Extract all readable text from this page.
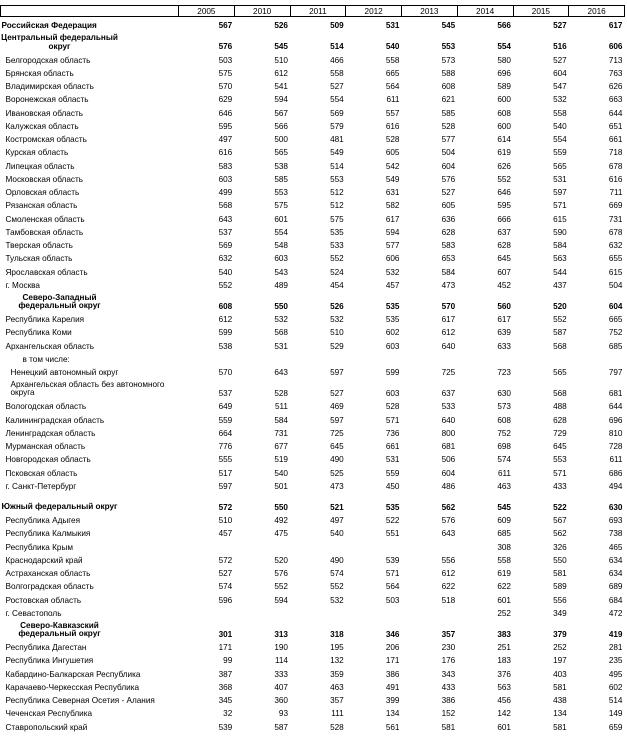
	2005	2010	2011	2012	2013	2014	2015	2016
Российская Федерация	567	526	509	531	545	566	527	617
Центральный федеральный округ	576	545	514	540	553	554	516	606
Белгородская область	503	510	466	558	573	580	527	713
Брянская область	575	612	558	665	588	696	604	763
Владимирская область	570	541	527	564	608	589	547	626
Воронежская область	629	594	554	611	621	600	532	663
Ивановская область	646	567	569	557	585	608	558	644
Калужская область	595	566	579	616	528	600	540	651
Костромская область	497	500	481	528	577	614	554	661
Курская область	616	565	549	605	504	619	559	718
Липецкая область	583	538	514	542	604	626	565	678
Московская область	603	585	553	549	576	552	531	616
Орловская область	499	553	512	631	527	646	597	711
Рязанская область	568	575	512	582	605	595	571	669
Смоленская область	643	601	575	617	636	666	615	731
Тамбовская область	537	554	535	594	628	637	590	678
Тверская область	569	548	533	577	583	628	584	632
Тульская область	632	603	552	606	653	645	563	655
Ярославская область	540	543	524	532	584	607	544	615
г. Москва	552	489	454	457	473	452	437	504
Северо-Западный федеральный округ	608	550	526	535	570	560	520	604
Республика Карелия	612	532	532	535	617	617	552	665
Республика Коми	599	568	510	602	612	639	587	752
Архангельская область	538	531	529	603	640	633	568	685
в том числе:								
Ненецкий автономный округ	570	643	597	599	725	723	565	797
Архангельская область без автономного округа	537	528	527	603	637	630	568	681
Вологодская область	649	511	469	528	533	573	488	644
Калининградская область	559	584	597	571	640	608	628	696
Ленинградская область	664	731	725	736	800	752	729	810
Мурманская область	776	677	645	661	681	698	645	728
Новгородская область	555	519	490	531	506	574	553	611
Псковская область	517	540	525	559	604	611	571	686
г. Санкт-Петербург	597	501	473	450	486	463	433	494
Южный федеральный округ	572	550	521	535	562	545	522	630
Республика Адыгея	510	492	497	522	576	609	567	693
Республика Калмыкия	457	475	540	551	643	685	562	738
Республика Крым						308	326	465
Краснодарский край	572	520	490	539	556	558	550	634
Астраханская область	527	576	574	571	612	619	581	634
Волгоградская область	574	552	552	564	622	622	589	689
Ростовская область	596	594	532	503	518	601	556	684
г. Севастополь						252	349	472
Северо-Кавказский федеральный округ	301	313	318	346	357	383	379	419
Республика Дагестан	171	190	195	206	230	251	252	281
Республика Ингушетия	99	114	132	171	176	183	197	235
Кабардино-Балкарская Республика	387	333	359	386	343	376	403	495
Карачаево-Черкесская Республика	368	407	463	491	433	563	581	602
Республика Северная Осетия - Алания	345	360	357	399	386	456	438	514
Чеченская Республика	32	93	111	134	152	142	134	149
Ставропольский край	539	587	528	561	581	601	581	659
